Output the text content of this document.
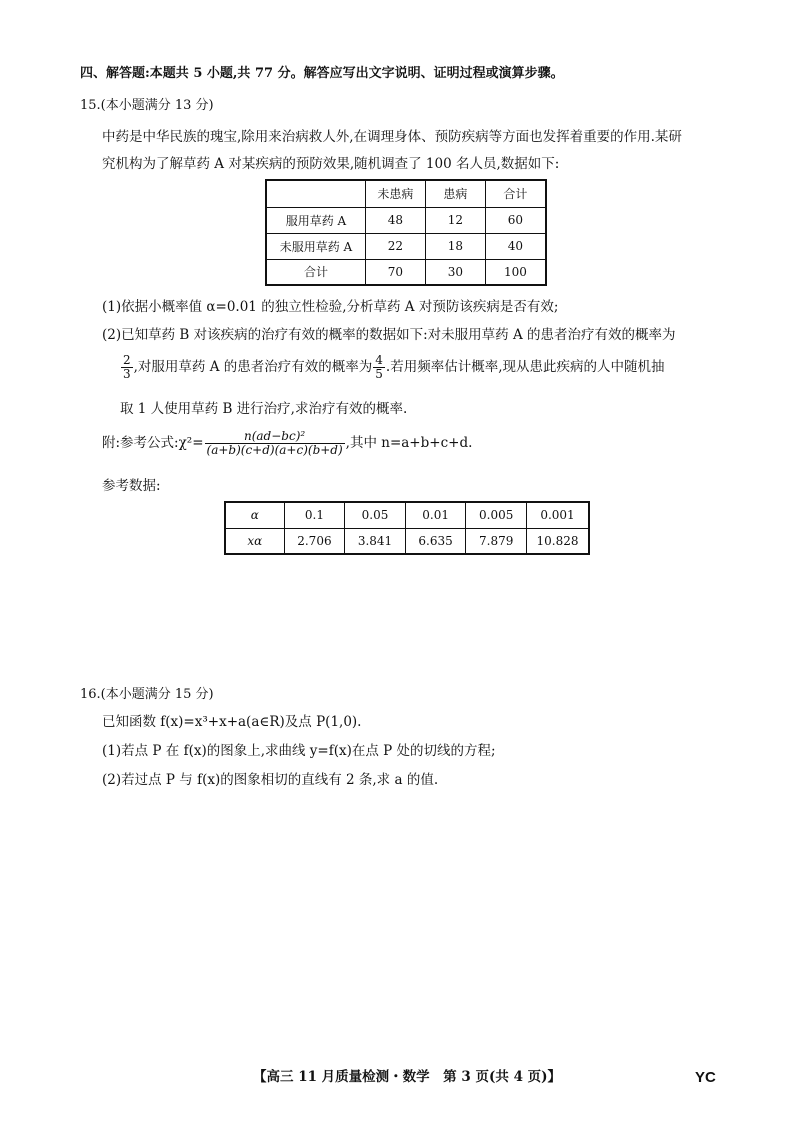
四、解答题:本题共 5 小题,共 77 分。解答应写出文字说明、证明过程或演算步骤。
15.(本小题满分 13 分)
中药是中华民族的瑰宝,除用来治病救人外,在调理身体、预防疾病等方面也发挥着重要的作用.某研
究机构为了解草药 A 对某疾病的预防效果,随机调查了 100 名人员,数据如下:
	未患病	患病	合计
服用草药 A	48	12	60
未服用草药 A	22	18	40
合计	70	30	100
(1)依据小概率值 α=0.01 的独立性检验,分析草药 A 对预防该疾病是否有效;
(2)已知草药 B 对该疾病的治疗有效的概率的数据如下:对未服用草药 A 的患者治疗有效的概率为
$\frac{2}{3}$ ,对服用草药 A 的患者治疗有效的概率为 $\frac{4}{5}$ .若用频率估计概率,现从患此疾病的人中随机抽
取 1 人使用草药 B 进行治疗,求治疗有效的概率.
附:参考公式:χ²= $\frac{\text{n(ad−bc)²}}{(a+b)(c+d)(a+c)(b+d)}$ ,其中 n=a+b+c+d.
参考数据:
α	0.1	0.05	0.01	0.005	0.001
xα	2.706	3.841	6.635	7.879	10.828
16.(本小题满分 15 分)
已知函数 f(x)=x³+x+a(a∈R)及点 P(1,0).
(1)若点 P 在 f(x)的图象上,求曲线 y=f(x)在点 P 处的切线的方程;
(2)若过点 P 与 f(x)的图象相切的直线有 2 条,求 a 的值.
【高三 11 月质量检测・数学　第 3 页(共 4 页)】	YC
